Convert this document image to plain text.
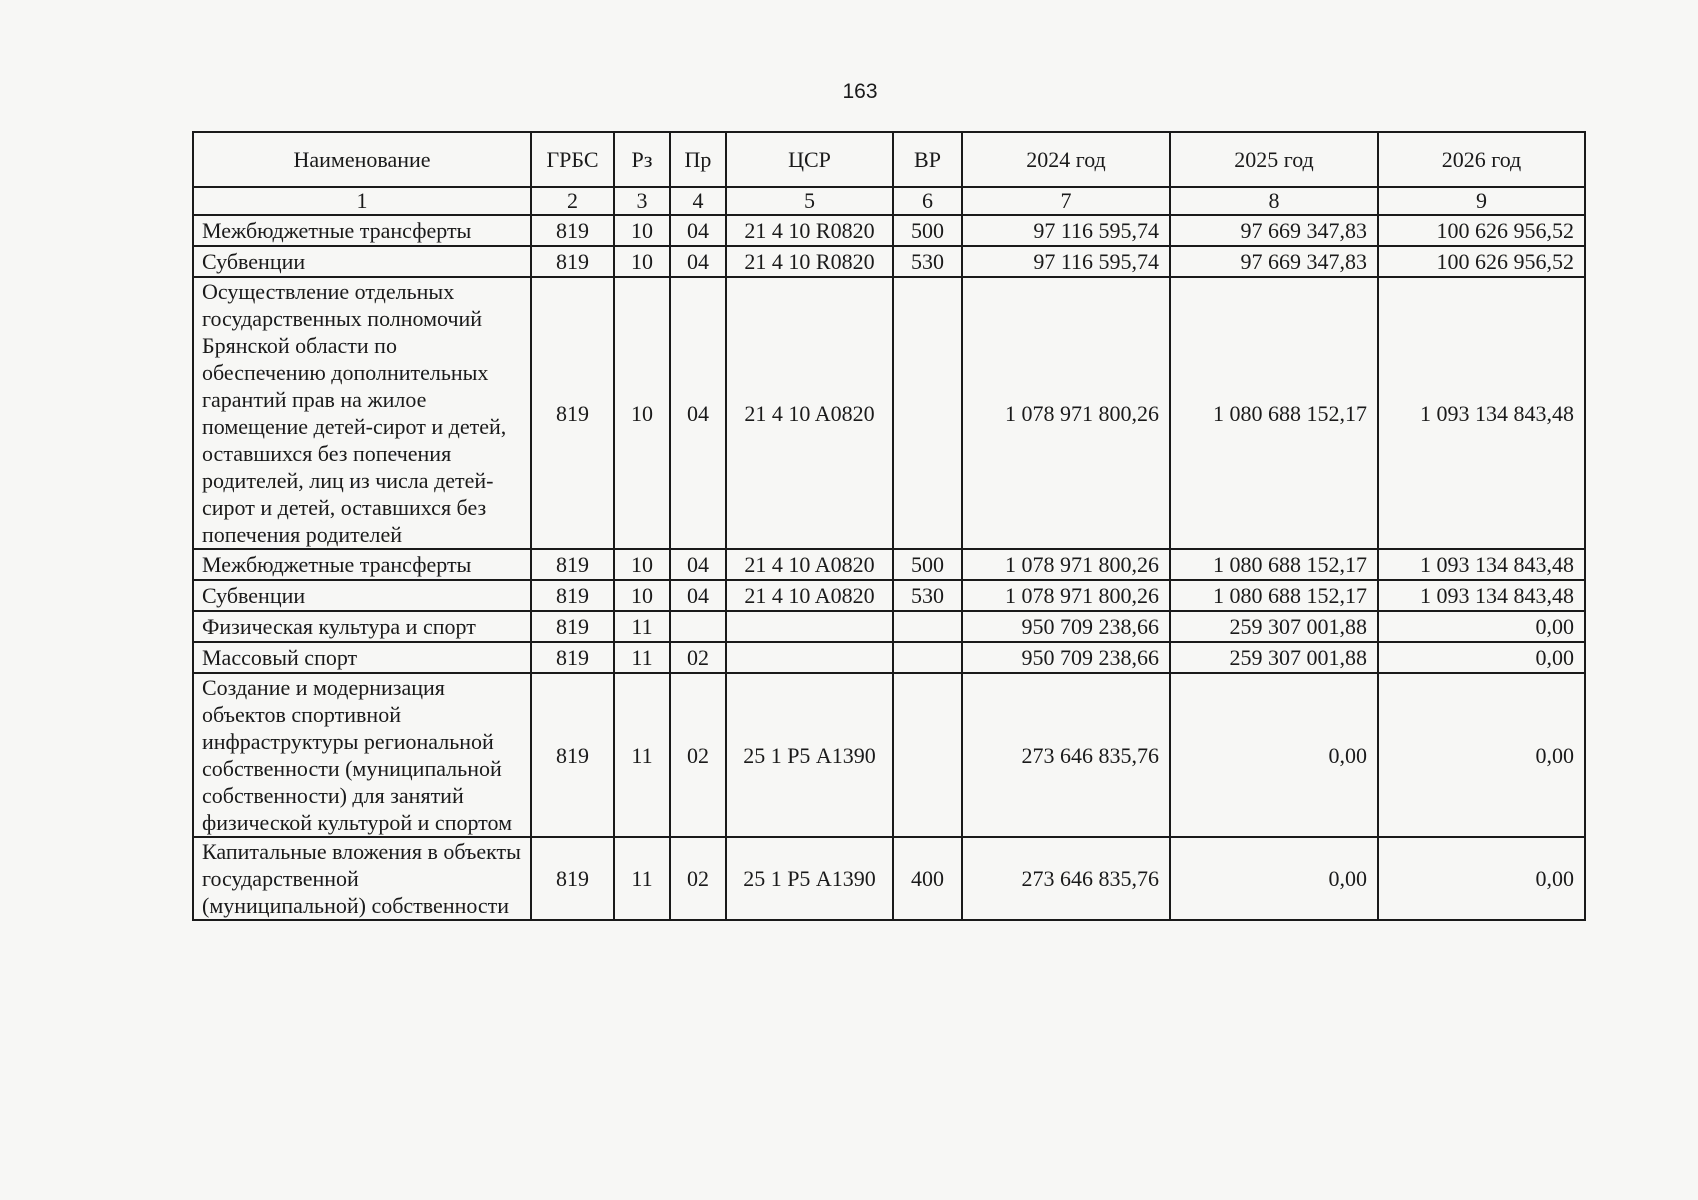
163
Наименование	ГРБС	Рз	Пр	ЦСР	ВР	2024 год	2025 год	2026 год
1	2	3	4	5	6	7	8	9
Межбюджетные трансферты	819	10	04	21 4 10 R0820	500	97 116 595,74	97 669 347,83	100 626 956,52
Субвенции	819	10	04	21 4 10 R0820	530	97 116 595,74	97 669 347,83	100 626 956,52
Осуществление отдельных государственных полномочий Брянской области по обеспечению дополнительных гарантий прав на жилое помещение детей-сирот и детей, оставшихся без попечения родителей, лиц из числа детей-сирот и детей, оставшихся без попечения родителей	819	10	04	21 4 10 A0820		1 078 971 800,26	1 080 688 152,17	1 093 134 843,48
Межбюджетные трансферты	819	10	04	21 4 10 A0820	500	1 078 971 800,26	1 080 688 152,17	1 093 134 843,48
Субвенции	819	10	04	21 4 10 A0820	530	1 078 971 800,26	1 080 688 152,17	1 093 134 843,48
Физическая культура и спорт	819	11				950 709 238,66	259 307 001,88	0,00
Массовый спорт	819	11	02			950 709 238,66	259 307 001,88	0,00
Создание и модернизация объектов спортивной инфраструктуры региональной собственности (муниципальной собственности) для занятий физической культурой и спортом	819	11	02	25 1 Р5 А1390		273 646 835,76	0,00	0,00
Капитальные вложения в объекты государственной (муниципальной) собственности	819	11	02	25 1 Р5 А1390	400	273 646 835,76	0,00	0,00
